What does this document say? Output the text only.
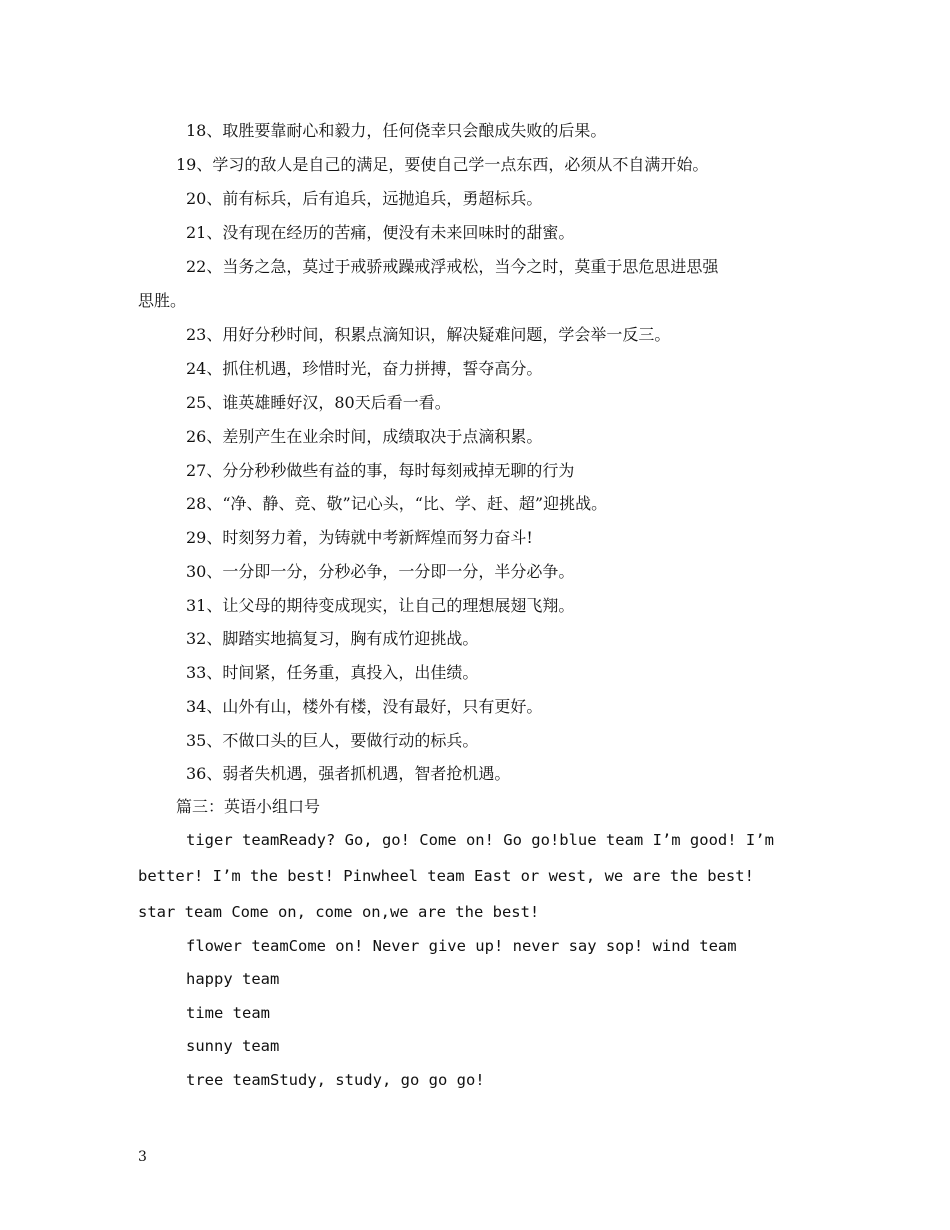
18、取胜要靠耐心和毅力，任何侥幸只会酿成失败的后果。
19、学习的敌人是自己的满足，要使自己学一点东西，必须从不自满开始。
20、前有标兵，后有追兵，远抛追兵，勇超标兵。
21、没有现在经历的苦痛，便没有未来回味时的甜蜜。
22、当务之急，莫过于戒骄戒躁戒浮戒松，当今之时，莫重于思危思进思强
思胜。
23、用好分秒时间，积累点滴知识，解决疑难问题，学会举一反三。
24、抓住机遇，珍惜时光，奋力拼搏，誓夺高分。
25、谁英雄睡好汉，80天后看一看。
26、差别产生在业余时间，成绩取决于点滴积累。
27、分分秒秒做些有益的事，每时每刻戒掉无聊的行为
28、“净、静、竞、敬”记心头，“比、学、赶、超”迎挑战。
29、时刻努力着，为铸就中考新辉煌而努力奋斗!
30、一分即一分，分秒必争，一分即一分，半分必争。
31、让父母的期待变成现实，让自己的理想展翅飞翔。
32、脚踏实地搞复习，胸有成竹迎挑战。
33、时间紧，任务重，真投入，出佳绩。
34、山外有山，楼外有楼，没有最好，只有更好。
35、不做口头的巨人，要做行动的标兵。
36、弱者失机遇，强者抓机遇，智者抢机遇。
篇三：英语小组口号
tiger teamReady? Go, go! Come on! Go go!blue team I’m good! I’m
better! I’m the best! Pinwheel team East or west, we are the best!
star team Come on, come on,we are the best!
flower teamCome on! Never give up! never say sop! wind team
happy team
time team
sunny team
tree teamStudy, study, go go go!
3
